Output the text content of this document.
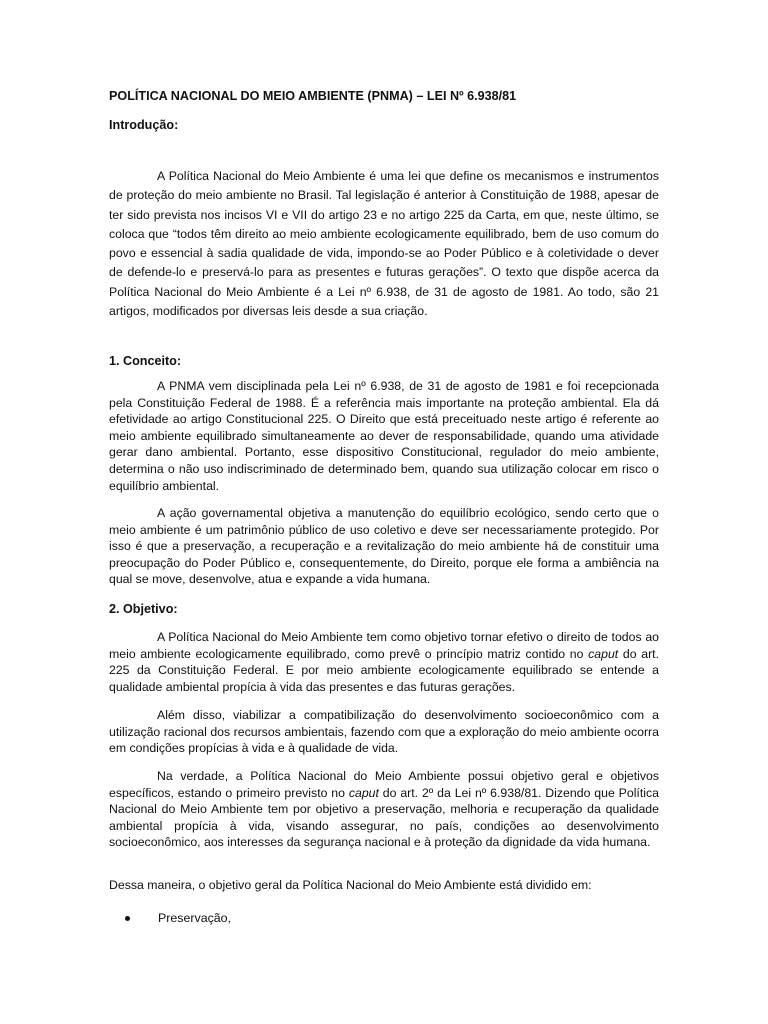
POLÍTICA NACIONAL DO MEIO AMBIENTE (PNMA) – LEI Nº 6.938/81
Introdução:

A Política Nacional do Meio Ambiente é uma lei que define os mecanismos e instrumentos de proteção do meio ambiente no Brasil. Tal legislação é anterior à Constituição de 1988, apesar de ter sido prevista nos incisos VI e VII do artigo 23 e no artigo 225 da Carta, em que, neste último, se coloca que “todos têm direito ao meio ambiente ecologicamente equilibrado, bem de uso comum do povo e essencial à sadia qualidade de vida, impondo-se ao Poder Público e à coletividade o dever de defende-lo e preservá-lo para as presentes e futuras gerações”. O texto que dispõe acerca da Política Nacional do Meio Ambiente é a Lei nº 6.938, de 31 de agosto de 1981. Ao todo, são 21 artigos, modificados por diversas leis desde a sua criação.

1. Conceito:

A PNMA vem disciplinada pela Lei nº 6.938, de 31 de agosto de 1981 e foi recepcionada pela Constituição Federal de 1988. É a referência mais importante na proteção ambiental. Ela dá efetividade ao artigo Constitucional 225. O Direito que está preceituado neste artigo é referente ao meio ambiente equilibrado simultaneamente ao dever de responsabilidade, quando uma atividade gerar dano ambiental. Portanto, esse dispositivo Constitucional, regulador do meio ambiente, determina o não uso indiscriminado de determinado bem, quando sua utilização colocar em risco o equilíbrio ambiental.

A ação governamental objetiva a manutenção do equilíbrio ecológico, sendo certo que o meio ambiente é um patrimônio público de uso coletivo e deve ser necessariamente protegido. Por isso é que a preservação, a recuperação e a revitalização do meio ambiente há de constituir uma preocupação do Poder Público e, consequentemente, do Direito, porque ele forma a ambiência na qual se move, desenvolve, atua e expande a vida humana.

2. Objetivo:

A Política Nacional do Meio Ambiente tem como objetivo tornar efetivo o direito de todos ao meio ambiente ecologicamente equilibrado, como prevê o princípio matriz contido no caput do art. 225 da Constituição Federal. E por meio ambiente ecologicamente equilibrado se entende a qualidade ambiental propícia à vida das presentes e das futuras gerações.

Além disso, viabilizar a compatibilização do desenvolvimento socioeconômico com a utilização racional dos recursos ambientais, fazendo com que a exploração do meio ambiente ocorra em condições propícias à vida e à qualidade de vida.

Na verdade, a Política Nacional do Meio Ambiente possui objetivo geral e objetivos específicos, estando o primeiro previsto no caput do art. 2º da Lei nº 6.938/81. Dizendo que Política Nacional do Meio Ambiente tem por objetivo a preservação, melhoria e recuperação da qualidade ambiental propícia à vida, visando assegurar, no país, condições ao desenvolvimento socioeconômico, aos interesses da segurança nacional e à proteção da dignidade da vida humana.

Dessa maneira, o objetivo geral da Política Nacional do Meio Ambiente está dividido em:

Preservação,
